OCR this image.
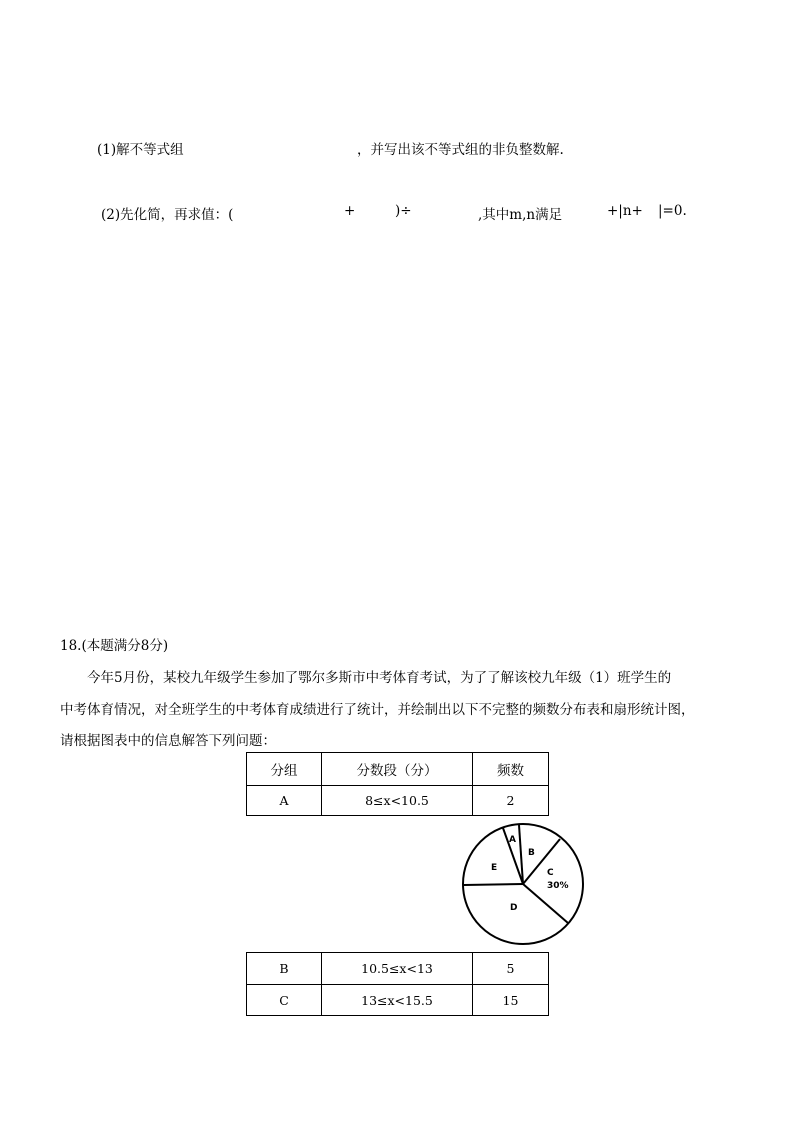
(1)解不等式组	，并写出该不等式组的非负整数解.
(2)先化简，再求值：(	+	)÷	,其中m,n满足	+|n+ |=0.
18.(本题满分8分)
今年5月份，某校九年级学生参加了鄂尔多斯市中考体育考试，为了了解该校九年级（1）班学生的
中考体育情况，对全班学生的中考体育成绩进行了统计，并绘制出以下不完整的频数分布表和扇形统计图，
请根据图表中的信息解答下列问题：
分组	分数段（分）	频数
A	8≤x<10.5	2
A
B
C
30%
D
E
B	10.5≤x<13	5
C	13≤x<15.5	15
